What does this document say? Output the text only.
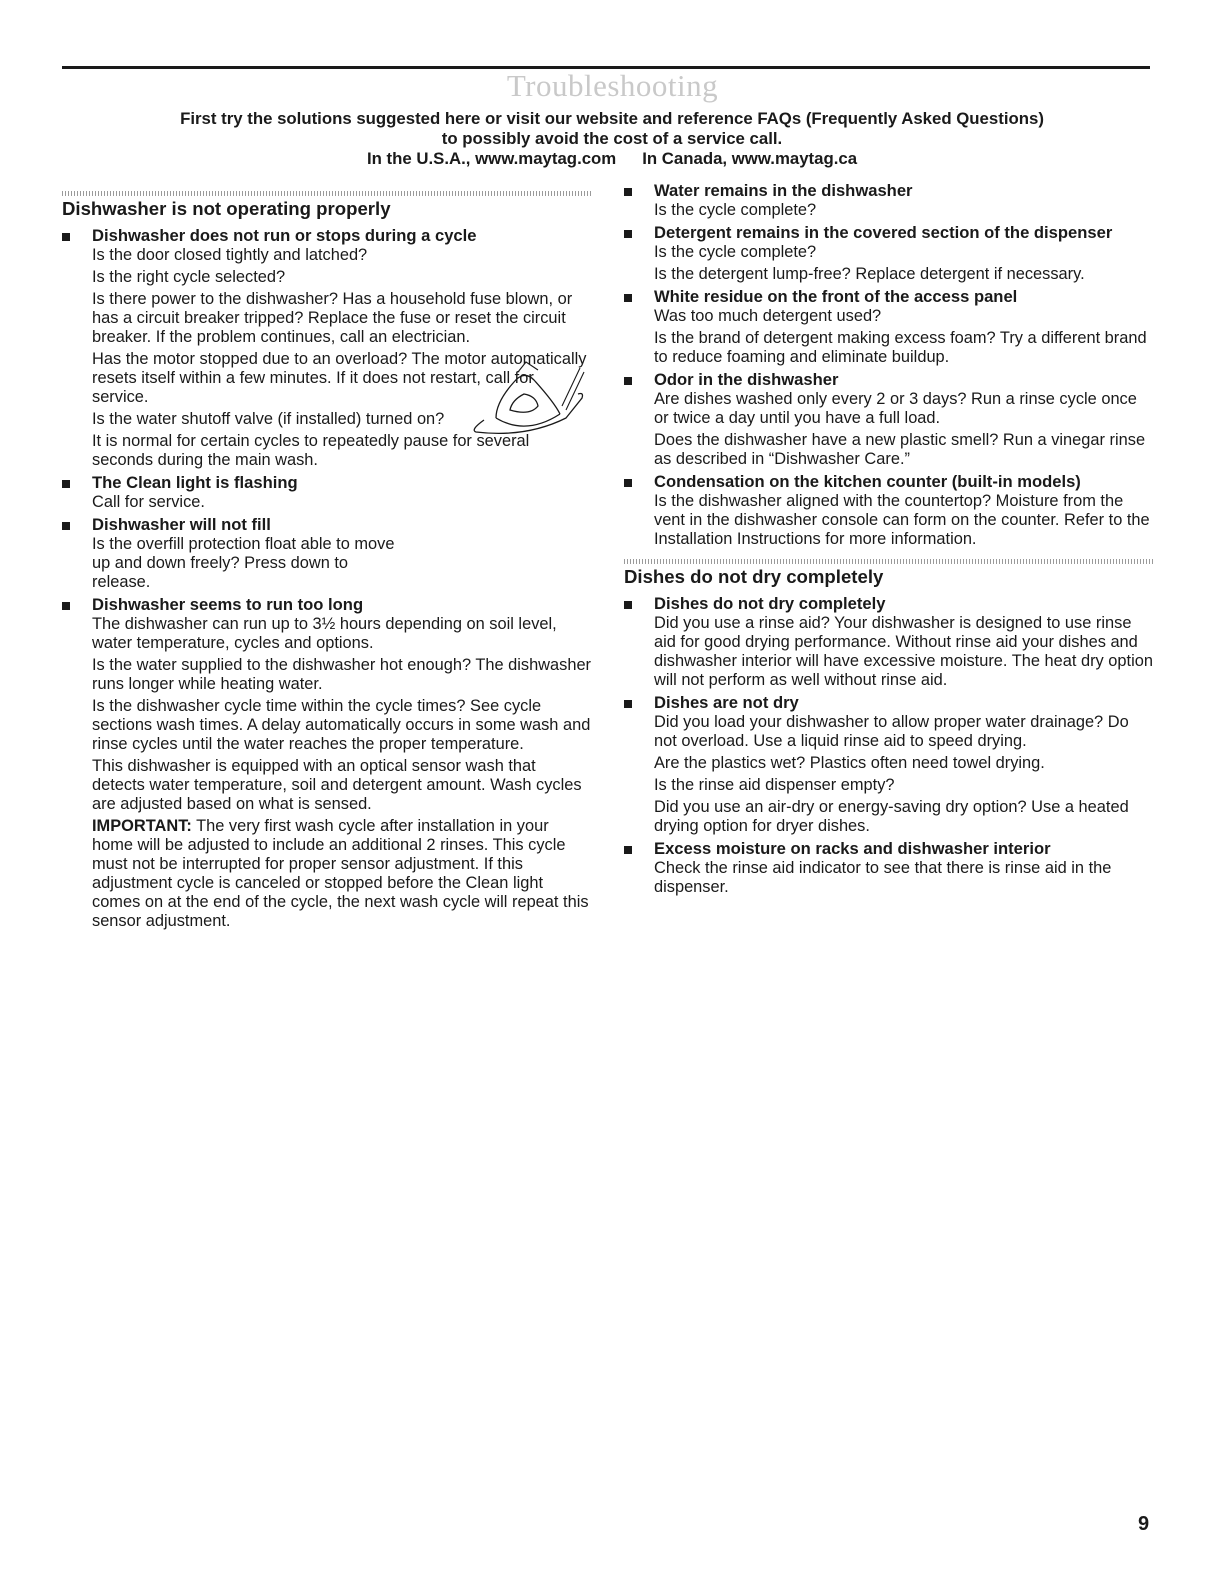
Troubleshooting
First try the solutions suggested here or visit our website and reference FAQs (Frequently Asked Questions)
to possibly avoid the cost of a service call.
In the U.S.A., www.maytag.com In Canada, www.maytag.ca
Dishwasher is not operating properly
Dishwasher does not run or stops during a cycle

Is the door closed tightly and latched?

Is the right cycle selected?

Is there power to the dishwasher? Has a household fuse blown, or has a circuit breaker tripped? Replace the fuse or reset the circuit breaker. If the problem continues, call an electrician.

Has the motor stopped due to an overload? The motor automatically resets itself within a few minutes. If it does not restart, call for service.

Is the water shutoff valve (if installed) turned on?

It is normal for certain cycles to repeatedly pause for several seconds during the main wash.

The Clean light is flashing

Call for service.

Dishwasher will not fill

Is the overfill protection float able to move up and down freely? Press down to release.

Dishwasher seems to run too long

The dishwasher can run up to 3½ hours depending on soil level, water temperature, cycles and options.

Is the water supplied to the dishwasher hot enough? The dishwasher runs longer while heating water.

Is the dishwasher cycle time within the cycle times? See cycle sections wash times. A delay automatically occurs in some wash and rinse cycles until the water reaches the proper temperature.

This dishwasher is equipped with an optical sensor wash that detects water temperature, soil and detergent amount. Wash cycles are adjusted based on what is sensed.

IMPORTANT: The very first wash cycle after installation in your home will be adjusted to include an additional 2 rinses. This cycle must not be interrupted for proper sensor adjustment. If this adjustment cycle is canceled or stopped before the Clean light comes on at the end of the cycle, the next wash cycle will repeat this sensor adjustment.

Water remains in the dishwasher

Is the cycle complete?

Detergent remains in the covered section of the dispenser

Is the cycle complete?

Is the detergent lump-free? Replace detergent if necessary.

White residue on the front of the access panel

Was too much detergent used?

Is the brand of detergent making excess foam? Try a different brand to reduce foaming and eliminate buildup.

Odor in the dishwasher

Are dishes washed only every 2 or 3 days? Run a rinse cycle once or twice a day until you have a full load.

Does the dishwasher have a new plastic smell? Run a vinegar rinse as described in “Dishwasher Care.”

Condensation on the kitchen counter (built-in models)

Is the dishwasher aligned with the countertop? Moisture from the vent in the dishwasher console can form on the counter. Refer to the Installation Instructions for more information.

Dishes do not dry completely
Dishes do not dry completely

Did you use a rinse aid? Your dishwasher is designed to use rinse aid for good drying performance. Without rinse aid your dishes and dishwasher interior will have excessive moisture. The heat dry option will not perform as well without rinse aid.

Dishes are not dry

Did you load your dishwasher to allow proper water drainage? Do not overload. Use a liquid rinse aid to speed drying.

Are the plastics wet? Plastics often need towel drying.

Is the rinse aid dispenser empty?

Did you use an air-dry or energy-saving dry option? Use a heated drying option for dryer dishes.

Excess moisture on racks and dishwasher interior

Check the rinse aid indicator to see that there is rinse aid in the dispenser.

9
